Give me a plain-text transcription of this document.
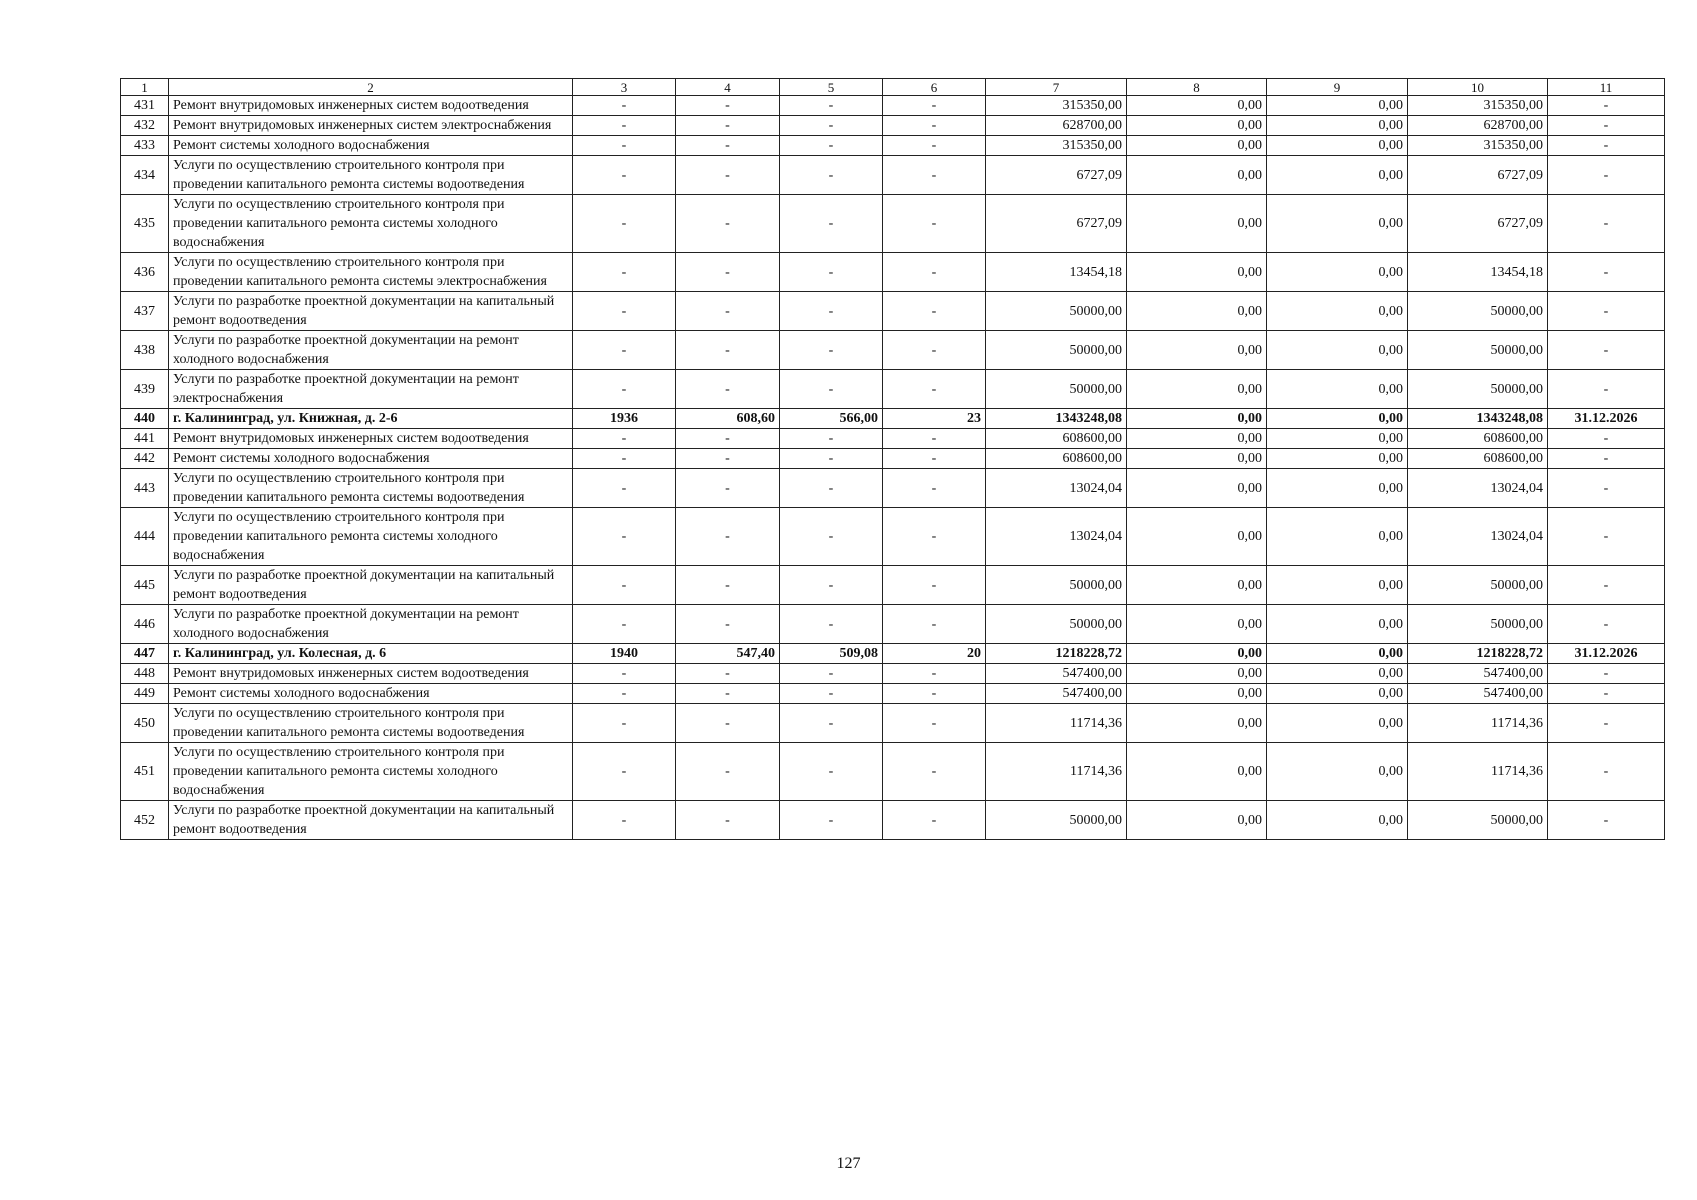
1	2	3	4	5	6	7	8	9	10	11
431	Ремонт внутридомовых инженерных систем водоотведения	-	-	-	-	315350,00	0,00	0,00	315350,00	-
432	Ремонт внутридомовых инженерных систем электроснабжения	-	-	-	-	628700,00	0,00	0,00	628700,00	-
433	Ремонт системы холодного водоснабжения	-	-	-	-	315350,00	0,00	0,00	315350,00	-
434	Услуги по осуществлению строительного контроля при проведении капитального ремонта системы водоотведения	-	-	-	-	6727,09	0,00	0,00	6727,09	-
435	Услуги по осуществлению строительного контроля при проведении капитального ремонта системы холодного водоснабжения	-	-	-	-	6727,09	0,00	0,00	6727,09	-
436	Услуги по осуществлению строительного контроля при проведении капитального ремонта системы электроснабжения	-	-	-	-	13454,18	0,00	0,00	13454,18	-
437	Услуги по разработке проектной документации на капитальный ремонт водоотведения	-	-	-	-	50000,00	0,00	0,00	50000,00	-
438	Услуги по разработке проектной документации на ремонт холодного водоснабжения	-	-	-	-	50000,00	0,00	0,00	50000,00	-
439	Услуги по разработке проектной документации на ремонт электроснабжения	-	-	-	-	50000,00	0,00	0,00	50000,00	-
440	г. Калининград, ул. Книжная, д. 2-6	1936	608,60	566,00	23	1343248,08	0,00	0,00	1343248,08	31.12.2026
441	Ремонт внутридомовых инженерных систем водоотведения	-	-	-	-	608600,00	0,00	0,00	608600,00	-
442	Ремонт системы холодного водоснабжения	-	-	-	-	608600,00	0,00	0,00	608600,00	-
443	Услуги по осуществлению строительного контроля при проведении капитального ремонта системы водоотведения	-	-	-	-	13024,04	0,00	0,00	13024,04	-
444	Услуги по осуществлению строительного контроля при проведении капитального ремонта системы холодного водоснабжения	-	-	-	-	13024,04	0,00	0,00	13024,04	-
445	Услуги по разработке проектной документации на капитальный ремонт водоотведения	-	-	-	-	50000,00	0,00	0,00	50000,00	-
446	Услуги по разработке проектной документации на ремонт холодного водоснабжения	-	-	-	-	50000,00	0,00	0,00	50000,00	-
447	г. Калининград, ул. Колесная, д. 6	1940	547,40	509,08	20	1218228,72	0,00	0,00	1218228,72	31.12.2026
448	Ремонт внутридомовых инженерных систем водоотведения	-	-	-	-	547400,00	0,00	0,00	547400,00	-
449	Ремонт системы холодного водоснабжения	-	-	-	-	547400,00	0,00	0,00	547400,00	-
450	Услуги по осуществлению строительного контроля при проведении капитального ремонта системы водоотведения	-	-	-	-	11714,36	0,00	0,00	11714,36	-
451	Услуги по осуществлению строительного контроля при проведении капитального ремонта системы холодного водоснабжения	-	-	-	-	11714,36	0,00	0,00	11714,36	-
452	Услуги по разработке проектной документации на капитальный ремонт водоотведения	-	-	-	-	50000,00	0,00	0,00	50000,00	-
127
